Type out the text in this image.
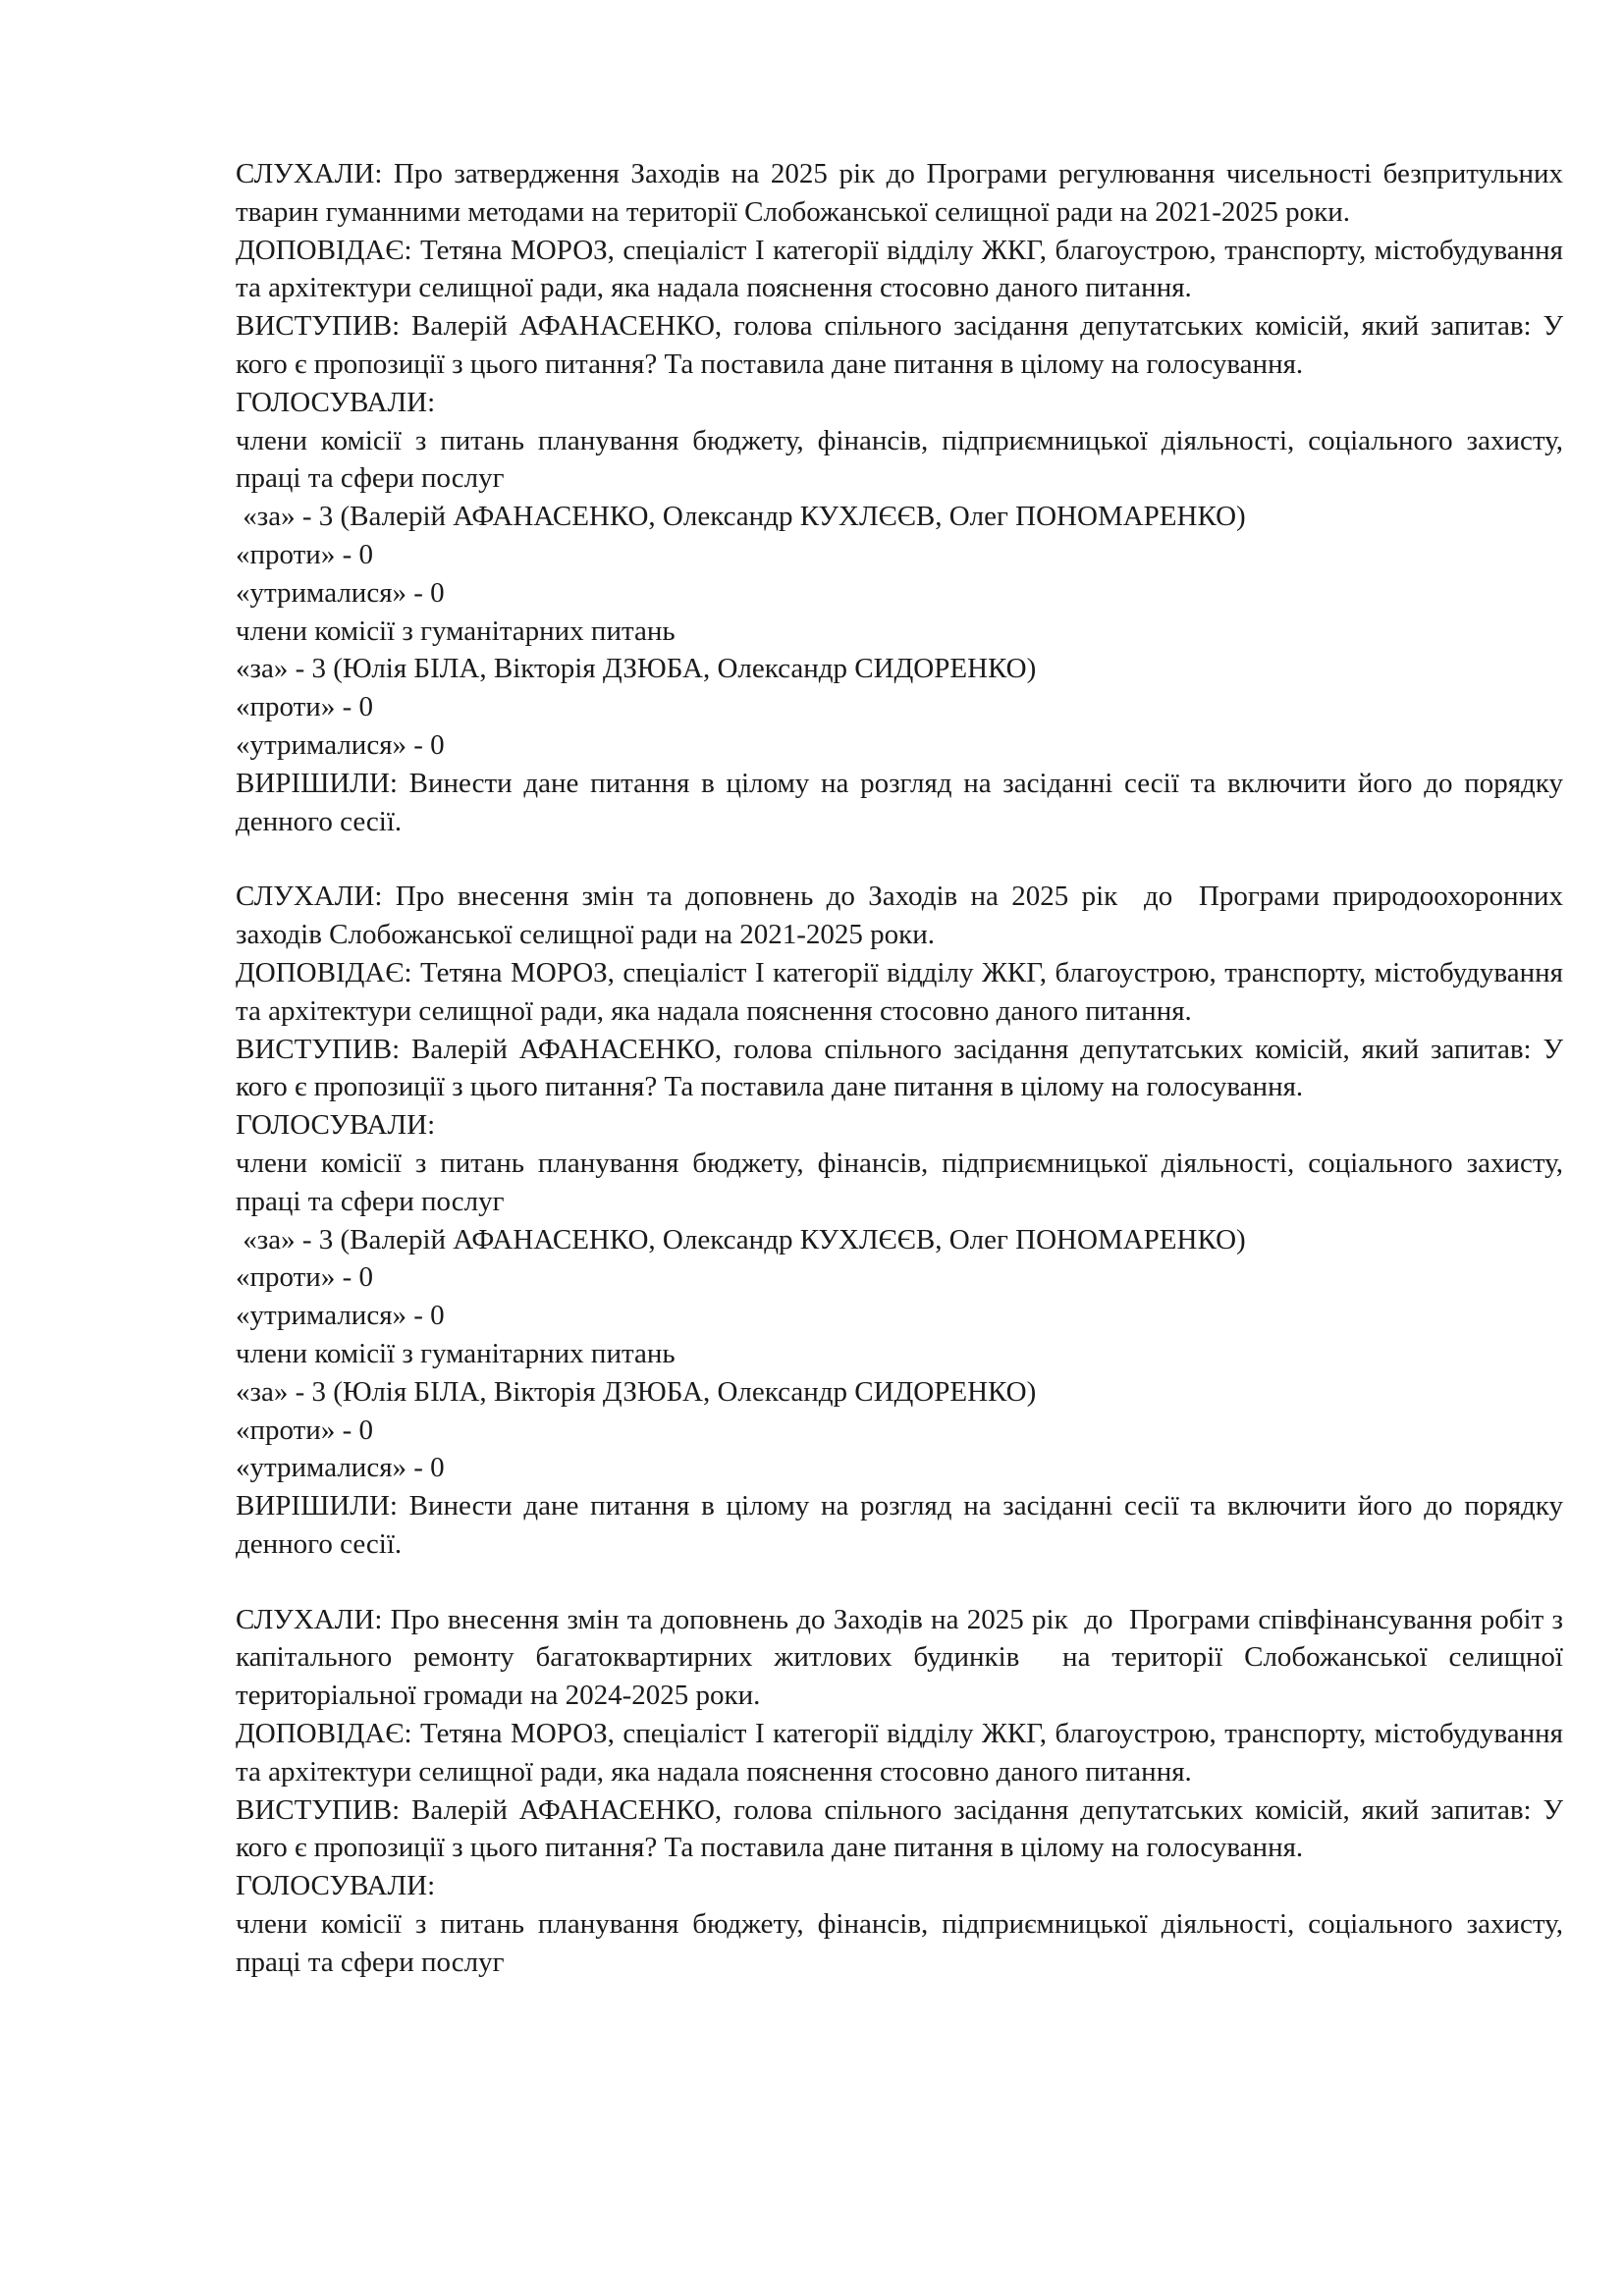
СЛУХАЛИ: Про затвердження Заходів на 2025 рік до Програми регулювання чисельності безпритульних тварин гуманними методами на території Слобожанської селищної ради на 2021-2025 роки.

ДОПОВІДАЄ: Тетяна МОРОЗ, спеціаліст І категорії відділу ЖКГ, благоустрою, транспорту, містобудування та архітектури селищної ради, яка надала пояснення стосовно даного питання.

ВИСТУПИВ: Валерій АФАНАСЕНКО, голова спільного засідання депутатських комісій, який запитав: У кого є пропозиції з цього питання? Та поставила дане питання в цілому на голосування.

ГОЛОСУВАЛИ:

члени комісії з питань планування бюджету, фінансів, підприємницької діяльності, соціального захисту, праці та сфери послуг

«за» - 3 (Валерій АФАНАСЕНКО, Олександр КУХЛЄЄВ, Олег ПОНОМАРЕНКО)

«проти» - 0

«утрималися» - 0

члени комісії з гуманітарних питань

«за» - 3 (Юлія БІЛА, Вікторія ДЗЮБА, Олександр СИДОРЕНКО)

«проти» - 0

«утрималися» - 0

ВИРІШИЛИ: Винести дане питання в цілому на розгляд на засіданні сесії та включити його до порядку денного сесії.

СЛУХАЛИ: Про внесення змін та доповнень до Заходів на 2025 рік  до  Програми природоохоронних   заходів Слобожанської селищної ради на 2021-2025 роки.

ДОПОВІДАЄ: Тетяна МОРОЗ, спеціаліст І категорії відділу ЖКГ, благоустрою, транспорту, містобудування та архітектури селищної ради, яка надала пояснення стосовно даного питання.

ВИСТУПИВ: Валерій АФАНАСЕНКО, голова спільного засідання депутатських комісій, який запитав: У кого є пропозиції з цього питання? Та поставила дане питання в цілому на голосування.

ГОЛОСУВАЛИ:

члени комісії з питань планування бюджету, фінансів, підприємницької діяльності, соціального захисту, праці та сфери послуг

«за» - 3 (Валерій АФАНАСЕНКО, Олександр КУХЛЄЄВ, Олег ПОНОМАРЕНКО)

«проти» - 0

«утрималися» - 0

члени комісії з гуманітарних питань

«за» - 3 (Юлія БІЛА, Вікторія ДЗЮБА, Олександр СИДОРЕНКО)

«проти» - 0

«утрималися» - 0

ВИРІШИЛИ: Винести дане питання в цілому на розгляд на засіданні сесії та включити його до порядку денного сесії.

СЛУХАЛИ: Про внесення змін та доповнень до Заходів на 2025 рік  до  Програми співфінансування робіт з капітального ремонту багатоквартирних житлових будинків  на території Слобожанської селищної територіальної громади на 2024-2025 роки.

ДОПОВІДАЄ: Тетяна МОРОЗ, спеціаліст І категорії відділу ЖКГ, благоустрою, транспорту, містобудування та архітектури селищної ради, яка надала пояснення стосовно даного питання.

ВИСТУПИВ: Валерій АФАНАСЕНКО, голова спільного засідання депутатських комісій, який запитав: У кого є пропозиції з цього питання? Та поставила дане питання в цілому на голосування.

ГОЛОСУВАЛИ:

члени комісії з питань планування бюджету, фінансів, підприємницької діяльності, соціального захисту, праці та сфери послуг
